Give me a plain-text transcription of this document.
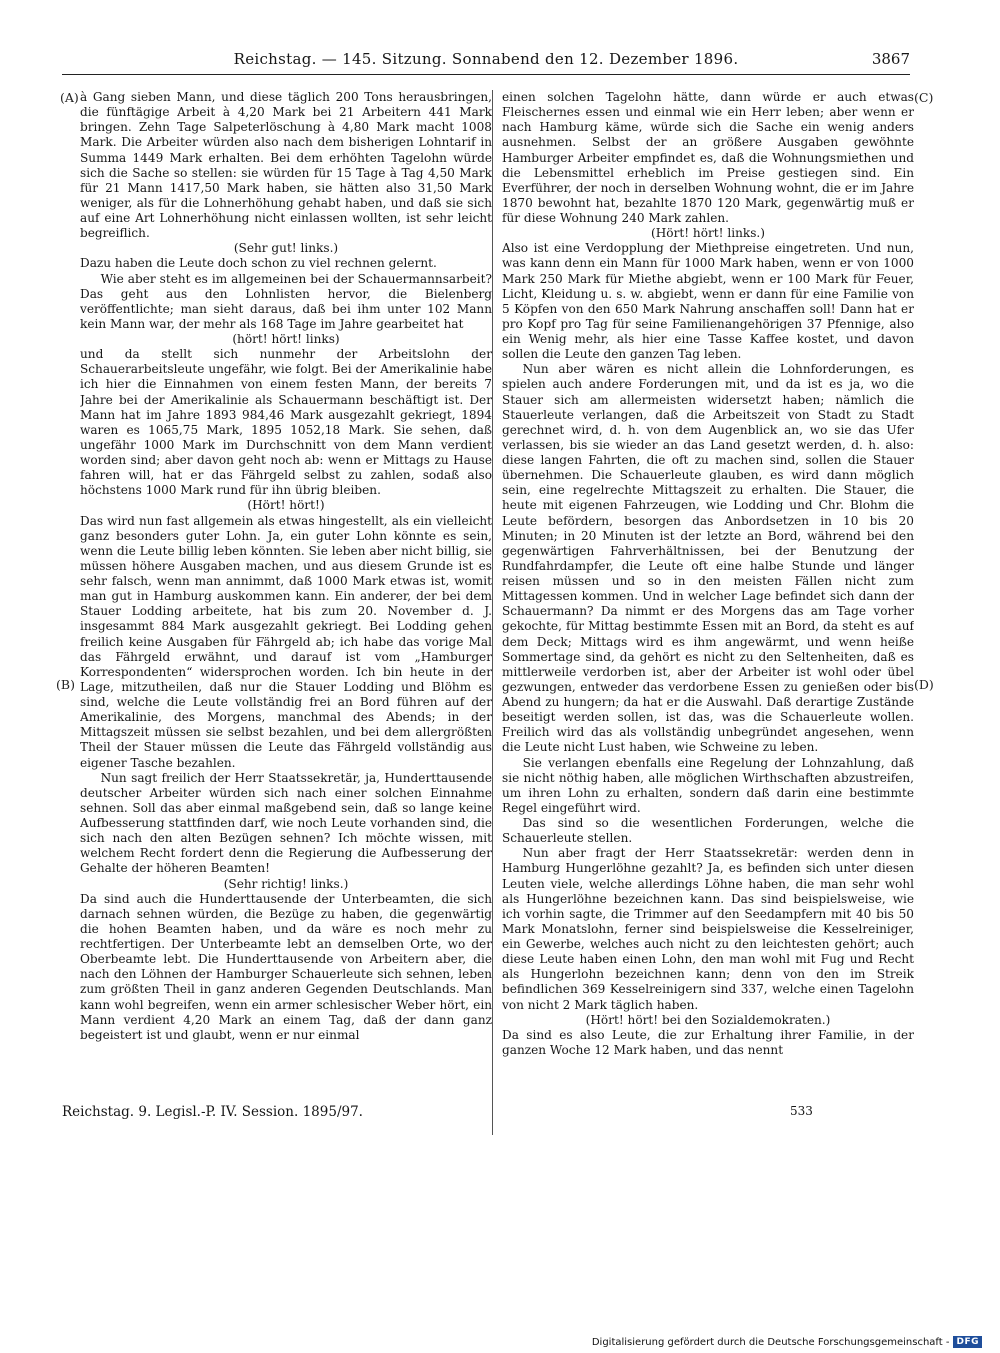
Reichstag. — 145. Sitzung. Sonnabend den 12. Dezember 1896.	3867
(A)
(B)
(C)
(D)

à Gang sieben Mann, und diese täglich 200 Tons herausbringen, die fünftägige Arbeit à 4,20 Mark bei 21 Arbeitern 441 Mark bringen. Zehn Tage Salpeterlöschung à 4,80 Mark macht 1008 Mark. Die Arbeiter würden also nach dem bisherigen Lohntarif in Summa 1449 Mark erhalten. Bei dem erhöhten Tagelohn würde sich die Sache so stellen: sie würden für 15 Tage à Tag 4,50 Mark für 21 Mann 1417,50 Mark haben, sie hätten also 31,50 Mark weniger, als für die Lohnerhöhung gehabt haben, und daß sie sich auf eine Art Lohnerhöhung nicht einlassen wollten, ist sehr leicht begreiflich.

(Sehr gut! links.)

Dazu haben die Leute doch schon zu viel rechnen gelernt.

Wie aber steht es im allgemeinen bei der Schauermannsarbeit? Das geht aus den Lohnlisten hervor, die Bielenberg veröffentlichte; man sieht daraus, daß bei ihm unter 102 Mann kein Mann war, der mehr als 168 Tage im Jahre gearbeitet hat

(hört! hört! links)

und da stellt sich nunmehr der Arbeitslohn der Schauerarbeitsleute ungefähr, wie folgt. Bei der Amerikalinie habe ich hier die Einnahmen von einem festen Mann, der bereits 7 Jahre bei der Amerikalinie als Schauermann beschäftigt ist. Der Mann hat im Jahre 1893 984,46 Mark ausgezahlt gekriegt, 1894 waren es 1065,75 Mark, 1895 1052,18 Mark. Sie sehen, daß ungefähr 1000 Mark im Durchschnitt von dem Mann verdient worden sind; aber davon geht noch ab: wenn er Mittags zu Hause fahren will, hat er das Fährgeld selbst zu zahlen, sodaß also höchstens 1000 Mark rund für ihn übrig bleiben.

(Hört! hört!)

Das wird nun fast allgemein als etwas hingestellt, als ein vielleicht ganz besonders guter Lohn. Ja, ein guter Lohn könnte es sein, wenn die Leute billig leben könnten. Sie leben aber nicht billig, sie müssen höhere Ausgaben machen, und aus diesem Grunde ist es sehr falsch, wenn man annimmt, daß 1000 Mark etwas ist, womit man gut in Hamburg auskommen kann. Ein anderer, der bei dem Stauer Lodding arbeitete, hat bis zum 20. November d. J. insgesammt 884 Mark ausgezahlt gekriegt. Bei Lodding gehen freilich keine Ausgaben für Fährgeld ab; ich habe das vorige Mal das Fährgeld erwähnt, und darauf ist vom „Hamburger Korrespondenten“ widersprochen worden. Ich bin heute in der Lage, mitzutheilen, daß nur die Stauer Lodding und Blöhm es sind, welche die Leute vollständig frei an Bord führen auf der Amerikalinie, des Morgens, manchmal des Abends; in der Mittagszeit müssen sie selbst bezahlen, und bei dem allergrößten Theil der Stauer müssen die Leute das Fährgeld vollständig aus eigener Tasche bezahlen.

Nun sagt freilich der Herr Staatssekretär, ja, Hunderttausende deutscher Arbeiter würden sich nach einer solchen Einnahme sehnen. Soll das aber einmal maßgebend sein, daß so lange keine Aufbesserung stattfinden darf, wie noch Leute vorhanden sind, die sich nach den alten Bezügen sehnen? Ich möchte wissen, mit welchem Recht fordert denn die Regierung die Aufbesserung der Gehalte der höheren Beamten!

(Sehr richtig! links.)

Da sind auch die Hunderttausende der Unterbeamten, die sich darnach sehnen würden, die Bezüge zu haben, die gegenwärtig die hohen Beamten haben, und da wäre es noch mehr zu rechtfertigen. Der Unterbeamte lebt an demselben Orte, wo der Oberbeamte lebt. Die Hunderttausende von Arbeitern aber, die nach den Löhnen der Hamburger Schauerleute sich sehnen, leben zum größten Theil in ganz anderen Gegenden Deutschlands. Man kann wohl begreifen, wenn ein armer schlesischer Weber hört, ein Mann verdient 4,20 Mark an einem Tag, daß der dann ganz begeistert ist und glaubt, wenn er nur einmal

einen solchen Tagelohn hätte, dann würde er auch etwas Fleischernes essen und einmal wie ein Herr leben; aber wenn er nach Hamburg käme, würde sich die Sache ein wenig anders ausnehmen. Selbst der an größere Ausgaben gewöhnte Hamburger Arbeiter empfindet es, daß die Wohnungsmiethen und die Lebensmittel erheblich im Preise gestiegen sind. Ein Everführer, der noch in derselben Wohnung wohnt, die er im Jahre 1870 bewohnt hat, bezahlte 1870 120 Mark, gegenwärtig muß er für diese Wohnung 240 Mark zahlen.

(Hört! hört! links.)

Also ist eine Verdopplung der Miethpreise eingetreten. Und nun, was kann denn ein Mann für 1000 Mark haben, wenn er von 1000 Mark 250 Mark für Miethe abgiebt, wenn er 100 Mark für Feuer, Licht, Kleidung u. s. w. abgiebt, wenn er dann für eine Familie von 5 Köpfen von den 650 Mark Nahrung anschaffen soll! Dann hat er pro Kopf pro Tag für seine Familienangehörigen 37 Pfennige, also ein Wenig mehr, als hier eine Tasse Kaffee kostet, und davon sollen die Leute den ganzen Tag leben.

Nun aber wären es nicht allein die Lohnforderungen, es spielen auch andere Forderungen mit, und da ist es ja, wo die Stauer sich am allermeisten widersetzt haben; nämlich die Stauerleute verlangen, daß die Arbeitszeit von Stadt zu Stadt gerechnet wird, d. h. von dem Augenblick an, wo sie das Ufer verlassen, bis sie wieder an das Land gesetzt werden, d. h. also: diese langen Fahrten, die oft zu machen sind, sollen die Stauer übernehmen. Die Schauerleute glauben, es wird dann möglich sein, eine regelrechte Mittagszeit zu erhalten. Die Stauer, die heute mit eigenen Fahrzeugen, wie Lodding und Chr. Blohm die Leute befördern, besorgen das Anbordsetzen in 10 bis 20 Minuten; in 20 Minuten ist der letzte an Bord, während bei den gegenwärtigen Fahrverhältnissen, bei der Benutzung der Rundfahrdampfer, die Leute oft eine halbe Stunde und länger reisen müssen und so in den meisten Fällen nicht zum Mittagessen kommen. Und in welcher Lage befindet sich dann der Schauermann? Da nimmt er des Morgens das am Tage vorher gekochte, für Mittag bestimmte Essen mit an Bord, da steht es auf dem Deck; Mittags wird es ihm angewärmt, und wenn heiße Sommertage sind, da gehört es nicht zu den Seltenheiten, daß es mittlerweile verdorben ist, aber der Arbeiter ist wohl oder übel gezwungen, entweder das verdorbene Essen zu genießen oder bis Abend zu hungern; da hat er die Auswahl. Daß derartige Zustände beseitigt werden sollen, ist das, was die Schauerleute wollen. Freilich wird das als vollständig unbegründet angesehen, wenn die Leute nicht Lust haben, wie Schweine zu leben.

Sie verlangen ebenfalls eine Regelung der Lohnzahlung, daß sie nicht nöthig haben, alle möglichen Wirthschaften abzustreifen, um ihren Lohn zu erhalten, sondern daß darin eine bestimmte Regel eingeführt wird.

Das sind so die wesentlichen Forderungen, welche die Schauerleute stellen.

Nun aber fragt der Herr Staatssekretär: werden denn in Hamburg Hungerlöhne gezahlt? Ja, es befinden sich unter diesen Leuten viele, welche allerdings Löhne haben, die man sehr wohl als Hungerlöhne bezeichnen kann. Das sind beispielsweise, wie ich vorhin sagte, die Trimmer auf den Seedampfern mit 40 bis 50 Mark Monatslohn, ferner sind beispielsweise die Kesselreiniger, ein Gewerbe, welches auch nicht zu den leichtesten gehört; auch diese Leute haben einen Lohn, den man wohl mit Fug und Recht als Hungerlohn bezeichnen kann; denn von den im Streik befindlichen 369 Kesselreinigern sind 337, welche einen Tagelohn von nicht 2 Mark täglich haben.

(Hört! hört! bei den Sozialdemokraten.)

Da sind es also Leute, die zur Erhaltung ihrer Familie, in der ganzen Woche 12 Mark haben, und das nennt

Reichstag. 9. Legisl.-P. IV. Session. 1895/97.	533
Digitalisierung gefördert durch die Deutsche Forschungsgemeinschaft - DFG
